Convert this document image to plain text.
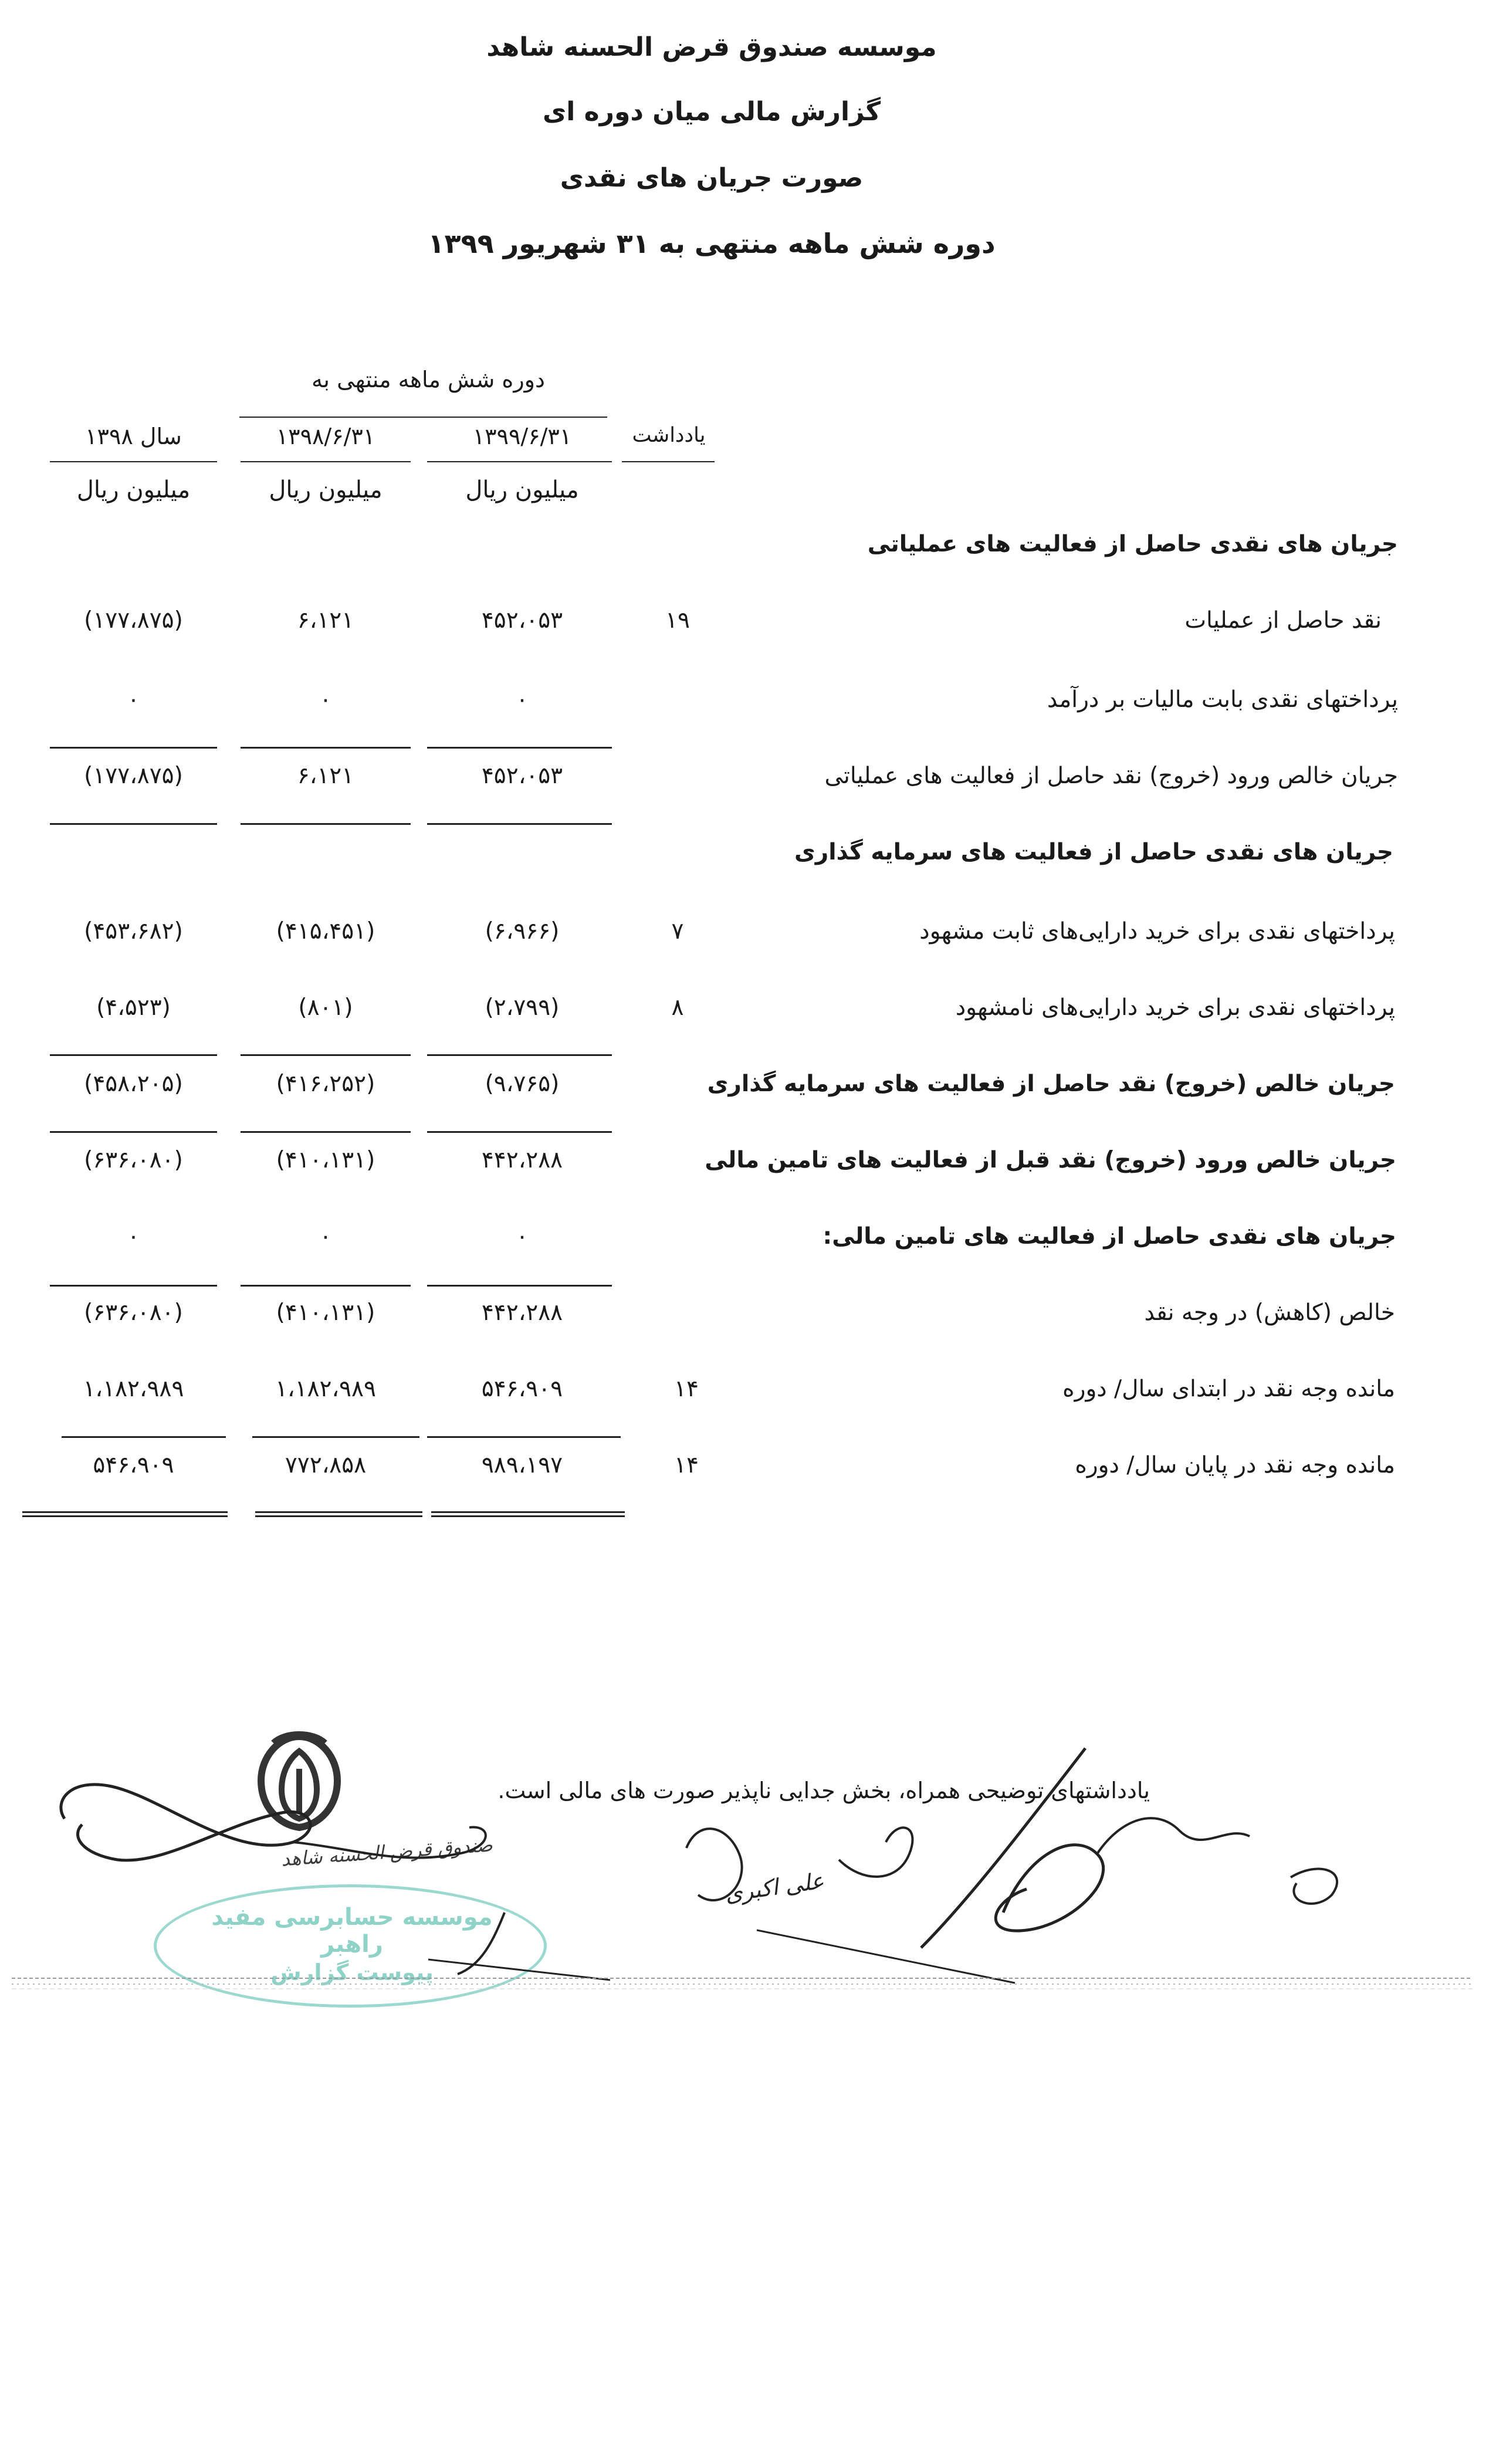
موسسه صندوق قرض الحسنه شاهد
گزارش مالی میان دوره ای
صورت جریان های نقدی
دوره شش ماهه منتهی به ۳۱ شهریور ۱۳۹۹
دوره شش ماهه منتهی به
یادداشت
۱۳۹۹/۶/۳۱
۱۳۹۸/۶/۳۱
سال ۱۳۹۸
میلیون ریال
میلیون ریال
میلیون ریال
جریان های نقدی حاصل از فعالیت های عملیاتی
نقد حاصل از عملیات
۱۹
۴۵۲،۰۵۳
۶،۱۲۱
(۱۷۷،۸۷۵)
پرداختهای نقدی بابت مالیات بر درآمد
۰
۰
۰
جریان خالص ورود (خروج) نقد حاصل از فعالیت های عملیاتی
۴۵۲،۰۵۳
۶،۱۲۱
(۱۷۷،۸۷۵)
جریان های نقدی حاصل از فعالیت های سرمایه گذاری
پرداختهای نقدی برای خرید دارایی‌های ثابت مشهود
۷
(۶،۹۶۶)
(۴۱۵،۴۵۱)
(۴۵۳،۶۸۲)
پرداختهای نقدی برای خرید دارایی‌های نامشهود
۸
(۲،۷۹۹)
(۸۰۱)
(۴،۵۲۳)
جریان خالص (خروج) نقد حاصل از فعالیت های سرمایه گذاری
(۹،۷۶۵)
(۴۱۶،۲۵۲)
(۴۵۸،۲۰۵)
جریان خالص ورود (خروج) نقد قبل از فعالیت های تامین مالی
۴۴۲،۲۸۸
(۴۱۰،۱۳۱)
(۶۳۶،۰۸۰)
جریان های نقدی حاصل از فعالیت های تامین مالی:
۰
۰
۰
خالص (کاهش) در وجه نقد
۴۴۲،۲۸۸
(۴۱۰،۱۳۱)
(۶۳۶،۰۸۰)
مانده وجه نقد در ابتدای سال/ دوره
۱۴
۵۴۶،۹۰۹
۱،۱۸۲،۹۸۹
۱،۱۸۲،۹۸۹
مانده وجه نقد در پایان سال/ دوره
۱۴
۹۸۹،۱۹۷
۷۷۲،۸۵۸
۵۴۶،۹۰۹
یادداشتهای توضیحی همراه، بخش جدایی ناپذیر صورت های مالی است.
صندوق قرض الحسنه شاهد
موسسه حسابرسی مفید راهبر
پیوست گزارش
علی اکبری
